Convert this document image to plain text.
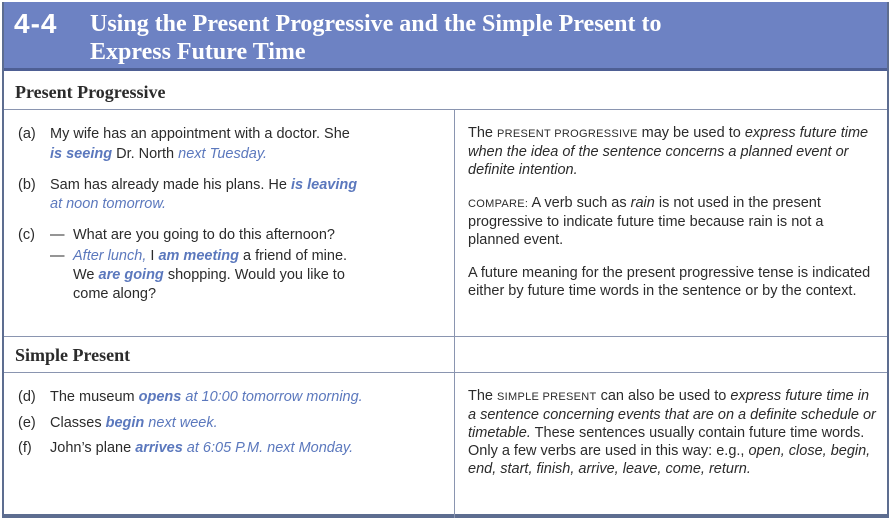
4-4 Using the Present Progressive and the Simple Present to
Express Future Time
Present Progressive
(a) My wife has an appointment with a doctor. She
is seeing Dr. North next Tuesday.
(b) Sam has already made his plans. He is leaving
at noon tomorrow.
(c) — What are you going to do this afternoon?
— After lunch, I am meeting a friend of mine.
We are going shopping. Would you like to
come along?
The PRESENT PROGRESSIVE may be used to express future time when the idea of the sentence concerns a planned event or definite intention.
COMPARE: A verb such as rain is not used in the present progressive to indicate future time because rain is not a planned event.
A future meaning for the present progressive tense is indicated either by future time words in the sentence or by the context.
Simple Present
(d) The museum opens at 10:00 tomorrow morning.
(e) Classes begin next week.
(f) John’s plane arrives at 6:05 P.M. next Monday.
The SIMPLE PRESENT can also be used to express future time in a sentence concerning events that are on a definite schedule or timetable. These sentences usually contain future time words. Only a few verbs are used in this way: e.g., open, close, begin, end, start, finish, arrive, leave, come, return.
